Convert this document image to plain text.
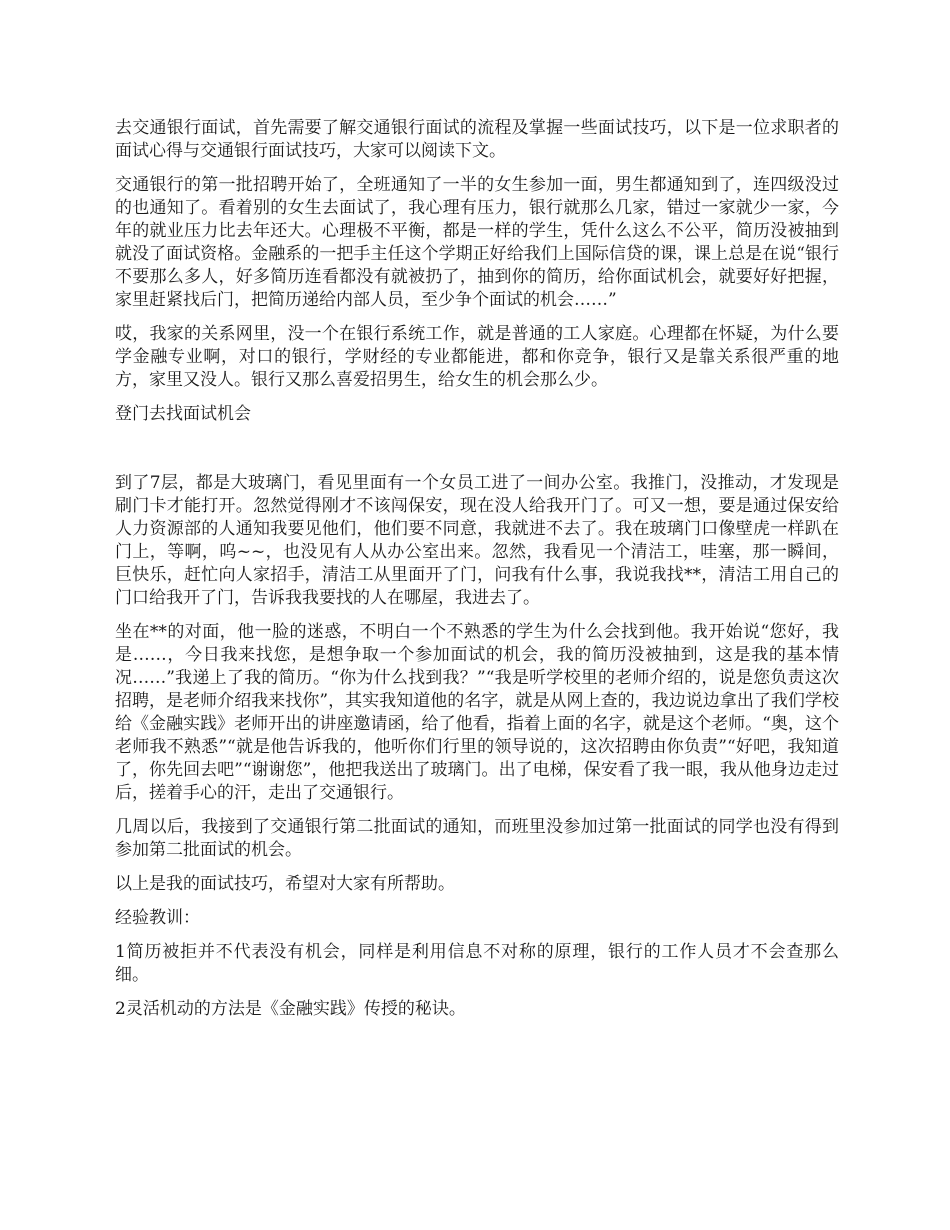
去交通银行面试，首先需要了解交通银行面试的流程及掌握一些面试技巧，以下是一位求职者的面试心得与交通银行面试技巧，大家可以阅读下文。

交通银行的第一批招聘开始了，全班通知了一半的女生参加一面，男生都通知到了，连四级没过的也通知了。看着别的女生去面试了，我心理有压力，银行就那么几家，错过一家就少一家，今年的就业压力比去年还大。心理极不平衡，都是一样的学生，凭什么这么不公平，简历没被抽到就没了面试资格。金融系的一把手主任这个学期正好给我们上国际信贷的课，课上总是在说“银行不要那么多人，好多简历连看都没有就被扔了，抽到你的简历，给你面试机会，就要好好把握，家里赶紧找后门，把简历递给内部人员，至少争个面试的机会……”

哎，我家的关系网里，没一个在银行系统工作，就是普通的工人家庭。心理都在怀疑，为什么要学金融专业啊，对口的银行，学财经的专业都能进，都和你竞争，银行又是靠关系很严重的地方，家里又没人。银行又那么喜爱招男生，给女生的机会那么少。

登门去找面试机会

到了7层，都是大玻璃门，看见里面有一个女员工进了一间办公室。我推门，没推动，才发现是刷门卡才能打开。忽然觉得刚才不该闯保安，现在没人给我开门了。可又一想，要是通过保安给人力资源部的人通知我要见他们，他们要不同意，我就进不去了。我在玻璃门口像壁虎一样趴在门上，等啊，呜~~，也没见有人从办公室出来。忽然，我看见一个清洁工，哇塞，那一瞬间，巨快乐，赶忙向人家招手，清洁工从里面开了门，问我有什么事，我说我找**，清洁工用自己的门口给我开了门，告诉我我要找的人在哪屋，我进去了。

坐在**的对面，他一脸的迷惑，不明白一个不熟悉的学生为什么会找到他。我开始说“您好，我是……，今日我来找您，是想争取一个参加面试的机会，我的简历没被抽到，这是我的基本情况……”我递上了我的简历。“你为什么找到我？”“我是听学校里的老师介绍的，说是您负责这次招聘，是老师介绍我来找你”，其实我知道他的名字，就是从网上查的，我边说边拿出了我们学校给《金融实践》老师开出的讲座邀请函，给了他看，指着上面的名字，就是这个老师。“奥，这个老师我不熟悉”“就是他告诉我的，他听你们行里的领导说的，这次招聘由你负责”“好吧，我知道了，你先回去吧”“谢谢您”，他把我送出了玻璃门。出了电梯，保安看了我一眼，我从他身边走过后，搓着手心的汗，走出了交通银行。

几周以后，我接到了交通银行第二批面试的通知，而班里没参加过第一批面试的同学也没有得到参加第二批面试的机会。

以上是我的面试技巧，希望对大家有所帮助。

经验教训：

1简历被拒并不代表没有机会，同样是利用信息不对称的原理，银行的工作人员才不会查那么细。

2灵活机动的方法是《金融实践》传授的秘诀。
